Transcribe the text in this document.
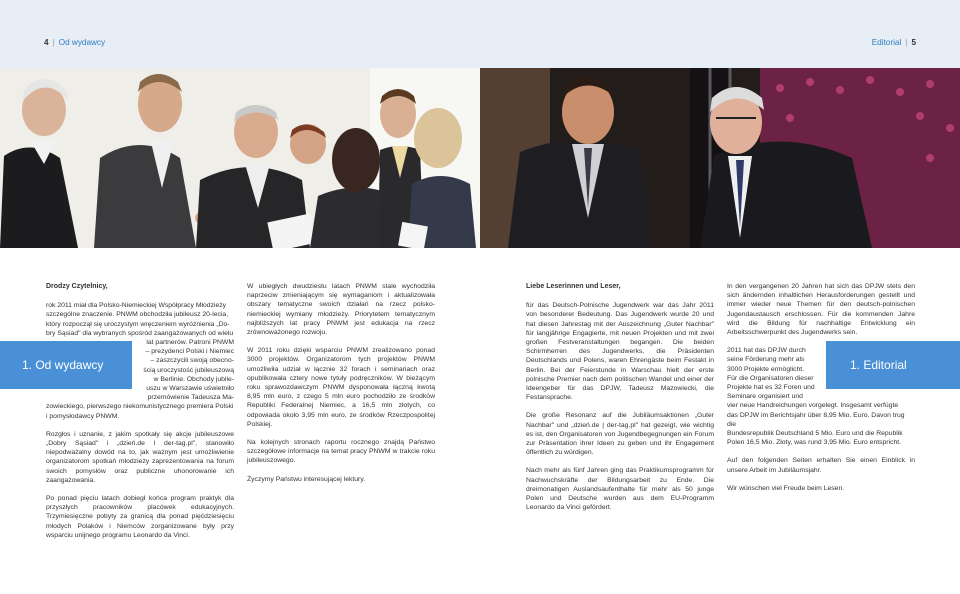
4 | Od wydawcy	Editorial | 5
1. Od wydawcy	1. Editorial

Drodzy Czytelnicy,

rok 2011 miał dla Polsko-Niemieckiej Współpracy Młodzieży
szczególne znaczenie. PNWM obchodziła jubileusz 20-lecia,
który rozpoczął się uroczystym wręczeniem wyróżnienia „Do-
bry Sąsiad" dla wybranych spośród zaangażowanych od wielu
lat partnerów. Patroni PNWM
– prezydenci Polski i Niemiec
– zaszczycili swoją obecno-
ścią uroczystość jubileuszową
w Berlinie. Obchody jubile-
uszu w Warszawie uświetniło
przemówienie Tadeusza Ma-
zowieckiego, pierwszego niekomunistycznego premiera Polski
i pomysłodawcy PNWM.

Rozgłos i uznanie, z jakim spotkały się akcje jubileuszowe „Dobry Sąsiad" i „dzień.de I der-tag.pl", stanowiło niepodważalny dowód na to, jak ważnym jest umożliwienie organizatorom spotkań młodzieży zaprezentowania na forum swoich pomysłów oraz publiczne uhonorowanie ich zaangażowania.

Po ponad pięciu latach dobiegł końca program praktyk dla przyszłych pracowników placówek edukacyjnych. Trzymiesięczne pobyty za granicą dla ponad pięćdziesięciu młodych Polaków i Niemców zorganizowane były przy wsparciu unijnego programu Leonardo da Vinci.

W ubiegłych dwudziestu latach PNWM stale wychodziła naprzeciw zmieniającym się wymaganiom i aktualizowała obszary tematyczne swoich działań na rzecz polsko-niemieckiej wymiany młodzieży. Priorytetem tematycznym najbliższych lat pracy PNWM jest edukacja na rzecz zrównoważonego rozwoju.

W 2011 roku dzięki wsparciu PNWM zrealizowano ponad 3000 projektów. Organizatorom tych projektów PNWM umożliwiła udział w łącznie 32 forach i seminariach oraz opublikowała cztery nowe tytuły podręczników. W bieżącym roku sprawozdawczym PNWM dysponowała łączną kwotą 8,95 mln euro, z czego 5 mln euro pochodziło ze środków Republiki Federalnej Niemiec, a 16,5 mln złotych, co odpowiada około 3,95 mln euro, ze środków Rzeczpospolitej Polskiej.

Na kolejnych stronach raportu rocznego znajdą Państwo szczegółowe informacje na temat pracy PNWM w trakcie roku jubileuszowego.

Życzymy Państwu interesującej lektury.

Liebe Leserinnen und Leser,

für das Deutsch-Polnische Jugendwerk war das Jahr 2011 von besonderer Bedeutung. Das Jugendwerk wurde 20 und hat diesen Jahrestag mit der Auszeichnung „Guter Nachbar" für langjährige Engagierte, mit neuen Projekten und mit zwei großen Festveranstaltungen begangen. Die beiden Schirmherren des Jugendwerks, die Präsidenten Deutschlands und Polens, waren Ehrengäste beim Festakt in Berlin. Bei der Feierstunde in Warschau hielt der erste polnische Premier nach dem politischen Wandel und einer der Ideengeber für das DPJW, Tadeusz Mazowiecki, die Festansprache.

Die große Resonanz auf die Jubiläumsaktionen „Guter Nachbar" und „dzień.de | der-tag.pl" hat gezeigt, wie wichtig es ist, den Organisatoren von Jugendbegegnungen ein Forum zur Präsentation ihrer Ideen zu geben und ihr Engagement öffentlich zu würdigen.

Nach mehr als fünf Jahren ging das Praktikumsprogramm für Nachwuchskräfte der Bildungsarbeit zu Ende. Die dreimonatigen Auslandsaufenthalte für mehr als 50 junge Polen und Deutsche wurden aus dem EU-Programm Leonardo da Vinci gefördert.

In den vergangenen 20 Jahren hat sich das DPJW stets den sich ändernden inhaltlichen Herausforderungen gestellt und immer wieder neue Themen für den deutsch-polnischen Jugendaustausch erschlossen. Für die kommenden Jahre wird die Bildung für nachhaltige Entwicklung ein Arbeitsschwerpunkt des Jugendwerks sein.

2011 hat das DPJW durch
seine Förderung mehr als
3000 Projekte ermöglicht.
Für die Organisatoren dieser
Projekte hat es 32 Foren und
Seminare organisiert und
vier neue Handreichungen vorgelegt. Insgesamt verfügte
das DPJW im Berichtsjahr über 8,95 Mio. Euro. Davon trug die
Bundesrepublik Deutschland 5 Mio. Euro und die Republik
Polen 16,5 Mio. Złoty, was rund 3,95 Mio. Euro entspricht.

Auf den folgenden Seiten erhalten Sie einen Einblick in unsere Arbeit im Jubiläumsjahr.

Wir wünschen viel Freude beim Lesen.
